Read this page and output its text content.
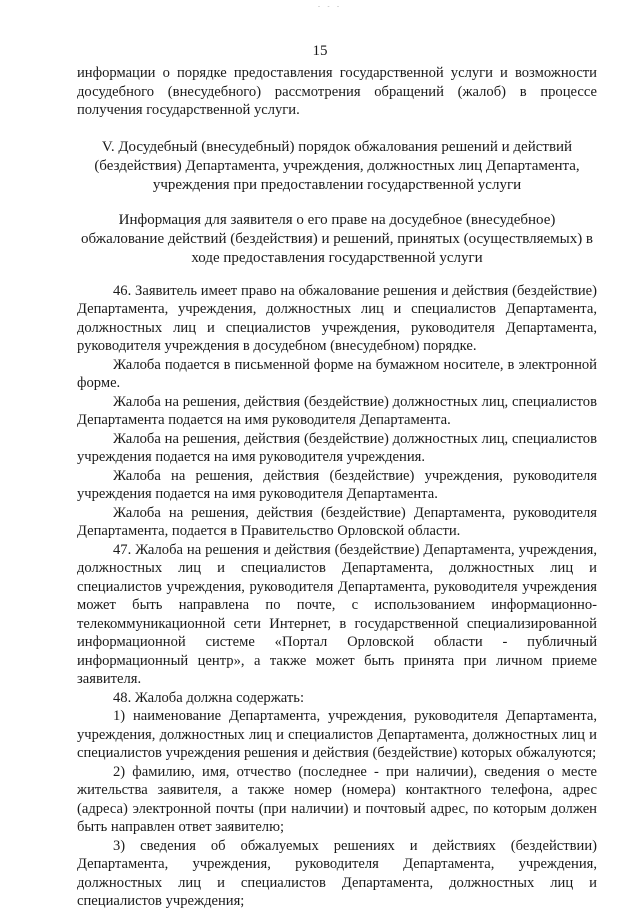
- - -
15

информации о порядке предоставления государственной услуги и возможности досудебного (внесудебного) рассмотрения обращений (жалоб) в процессе получения государственной услуги.

V. Досудебный (внесудебный) порядок обжалования решений и действий (бездействия) Департамента, учреждения, должностных лиц Департамента, учреждения при предоставлении государственной услуги

Информация для заявителя о его праве на досудебное (внесудебное) обжалование действий (бездействия) и решений, принятых (осуществляемых) в ходе предоставления государственной услуги

46. Заявитель имеет право на обжалование решения и действия (бездействие) Департамента, учреждения, должностных лиц и специалистов Департамента, должностных лиц и специалистов учреждения, руководителя Департамента, руководителя учреждения в досудебном (внесудебном) порядке.

Жалоба подается в письменной форме на бумажном носителе, в электронной форме.

Жалоба на решения, действия (бездействие) должностных лиц, специалистов Департамента подается на имя руководителя Департамента.

Жалоба на решения, действия (бездействие) должностных лиц, специалистов учреждения подается на имя руководителя учреждения.

Жалоба на решения, действия (бездействие) учреждения, руководителя учреждения подается на имя руководителя Департамента.

Жалоба на решения, действия (бездействие) Департамента, руководителя Департамента, подается в Правительство Орловской области.

47. Жалоба на решения и действия (бездействие) Департамента, учреждения, должностных лиц и специалистов Департамента, должностных лиц и специалистов учреждения, руководителя Департамента, руководителя учреждения может быть направлена по почте, с использованием информационно-телекоммуникационной сети Интернет, в государственной специализированной информационной системе «Портал Орловской области - публичный информационный центр», а также может быть принята при личном приеме заявителя.

48. Жалоба должна содержать:

1) наименование Департамента, учреждения, руководителя Департамента, учреждения, должностных лиц и специалистов Департамента, должностных лиц и специалистов учреждения решения и действия (бездействие) которых обжалуются;

2) фамилию, имя, отчество (последнее - при наличии), сведения о месте жительства заявителя, а также номер (номера) контактного телефона, адрес (адреса) электронной почты (при наличии) и почтовый адрес, по которым должен быть направлен ответ заявителю;

3) сведения об обжалуемых решениях и действиях (бездействии) Департамента, учреждения, руководителя Департамента, учреждения, должностных лиц и специалистов Департамента, должностных лиц и специалистов учреждения;
